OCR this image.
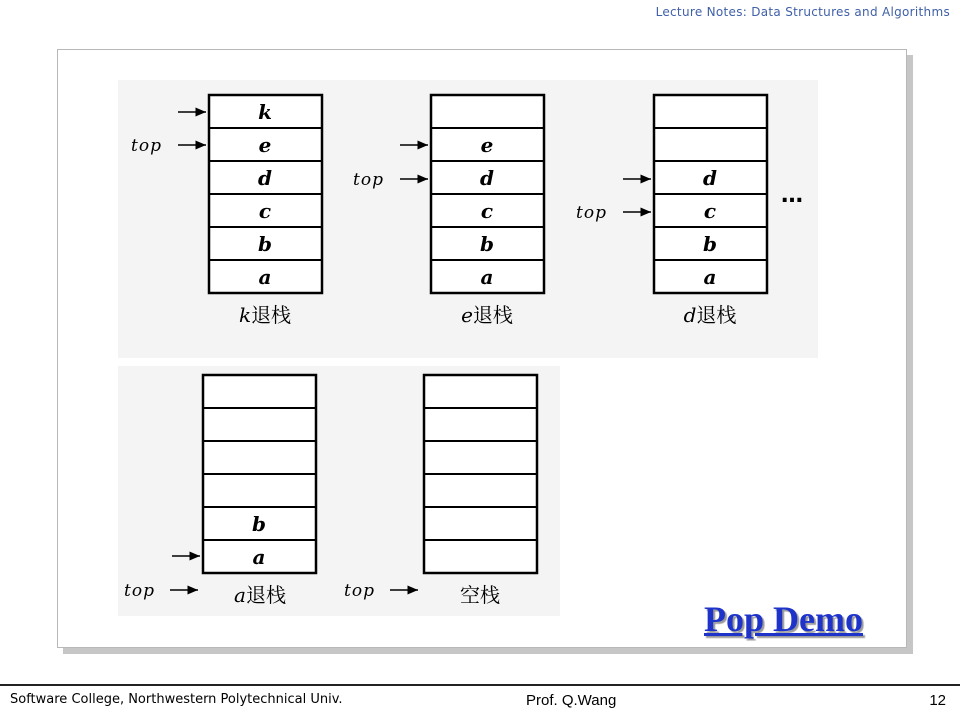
Lecture Notes: Data Structures and Algorithms
k
e
d
c
b
a
top
k退栈
e
d
c
b
a
top
e退栈
d
c
b
a
top
…
d退栈
b
a
top	a退栈	top	空栈
Pop Demo
Software College, Northwestern Polytechnical Univ.	Prof. Q.Wang	12
